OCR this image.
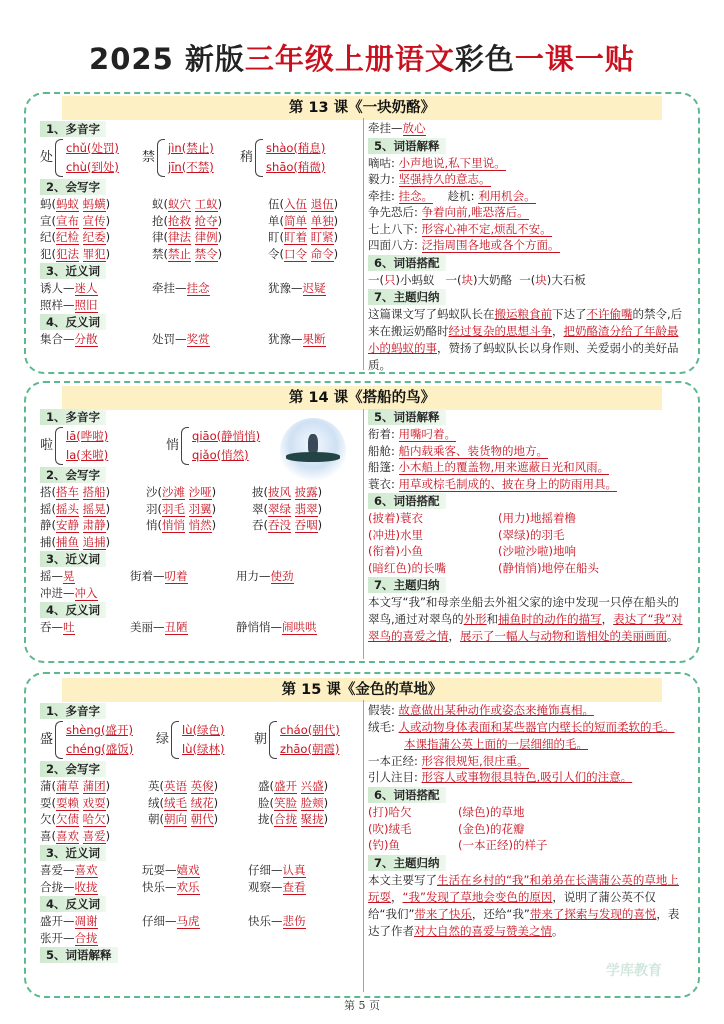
2025 新版三年级上册语文彩色一课一贴
第 13 课《一块奶酪》
1、多音字
处
chǔ(处罚)
chù(到处)
禁
jìn(禁止)
jīn(不禁)
稍
shào(稍息)
shāo(稍微)
2、会写字
蚂(蚂蚁 蚂蟥)	蚁(蚁穴 工蚁)	伍(入伍 退伍)
宣(宣布 宣传)	抢(抢救 抢夺)	单(简单 单独)
纪(纪检 纪委)	律(律法 律例)	盯(盯着 盯紧)
犯(犯法 罪犯)	禁(禁止 禁令)	令(口令 命令)
3、近义词
诱人—迷人	牵挂—挂念	犹豫—迟疑
照样—照旧
4、反义词
集合—分散	处罚—奖赏	犹豫—果断
牵挂—放心
5、词语解释
嘀咕: 小声地说,私下里说。
毅力: 坚强持久的意志。
牵挂: 挂念。 趁机: 利用机会。
争先恐后: 争着向前,唯恐落后。
七上八下: 形容心神不定,烦乱不安。
四面八方: 泛指周围各地或各个方面。
6、词语搭配
一(只)小蚂蚁 一(块)大奶酪 一(块)大石板
7、主题归纳
这篇课文写了蚂蚁队长在搬运粮食前下达了不许偷嘴的禁令,后来在搬运奶酪时经过复杂的思想斗争，把奶酪渣分给了年龄最小的蚂蚁的事，赞扬了蚂蚁队长以身作则、关爱弱小的美好品质。
第 14 课《搭船的鸟》
1、多音字
啦
lā(哗啦)
la(来啦)
悄
qiāo(静悄悄)
qiǎo(悄然)
2、会写字
搭(搭车 搭船)	沙(沙滩 沙哑)	披(披风 披露)
摇(摇头 摇晃)	羽(羽毛 羽翼)	翠(翠绿 翡翠)
静(安静 肃静)	悄(悄悄 悄然)	吞(吞没 吞咽)
捕(捕鱼 追捕)
3、近义词
摇—晃	街着—叨着	用力—使劲
冲进—冲入
4、反义词
吞—吐	美丽—丑陋	静悄悄—闹哄哄
5、词语解释
衔着: 用嘴叼着。
船舱: 船内载乘客、装货物的地方。
船篷: 小木船上的覆盖物,用来遮蔽日光和风雨。
蓑衣: 用草或棕毛制成的、披在身上的防雨用具。
6、词语搭配
(披着)蓑衣	(用力)地摇着橹
(冲进)水里	(翠绿)的羽毛
(衔着)小鱼	(沙啦沙啦)地响
(暗红色)的长嘴	(静悄悄)地停在船头
7、主题归纳
本文写“我”和母亲坐船去外祖父家的途中发现一只停在船头的翠鸟,通过对翠鸟的外形和捕鱼时的动作的描写，表达了“我”对翠鸟的喜爱之情，展示了一幅人与动物和谐相处的美丽画面。
第 15 课《金色的草地》
1、多音字
盛
shèng(盛开)
chéng(盛饭)
绿
lù(绿色)
lù(绿林)
朝
cháo(朝代)
zhāo(朝霞)
2、会写字
蒲(蒲草 蒲团)	英(英语 英俊)	盛(盛开 兴盛)
耍(耍赖 戏耍)	绒(绒毛 绒花)	脸(笑脸 脸颊)
欠(欠债 哈欠)	朝(朝向 朝代)	拢(合拢 聚拢)
喜(喜欢 喜爱)
3、近义词
喜爱—喜欢	玩耍—嬉戏	仔细—认真
合拢—收拢	快乐—欢乐	观察—查看
4、反义词
盛开—凋谢	仔细—马虎	快乐—悲伤
张开—合拢
5、词语解释
假装: 故意做出某种动作或姿态来掩饰真相。
绒毛: 人或动物身体表面和某些器官内壁长的短而柔软的毛。本课指蒲公英上面的一层细细的毛。
一本正经: 形容很规矩,很庄重。
引人注目: 形容人或事物很具特色,吸引人们的注意。
6、词语搭配
(打)哈欠	(绿色)的草地
(吹)绒毛	(金色)的花瓣
(钓)鱼	(一本正经)的样子
7、主题归纳
本文主要写了生活在乡村的“我”和弟弟在长满蒲公英的草地上玩耍，“我”发现了草地会变色的原因，说明了蒲公英不仅给“我们”带来了快乐，还给“我”带来了探索与发现的喜悦，表达了作者对大自然的喜爱与赞美之情。
学库教育
第 5 页
